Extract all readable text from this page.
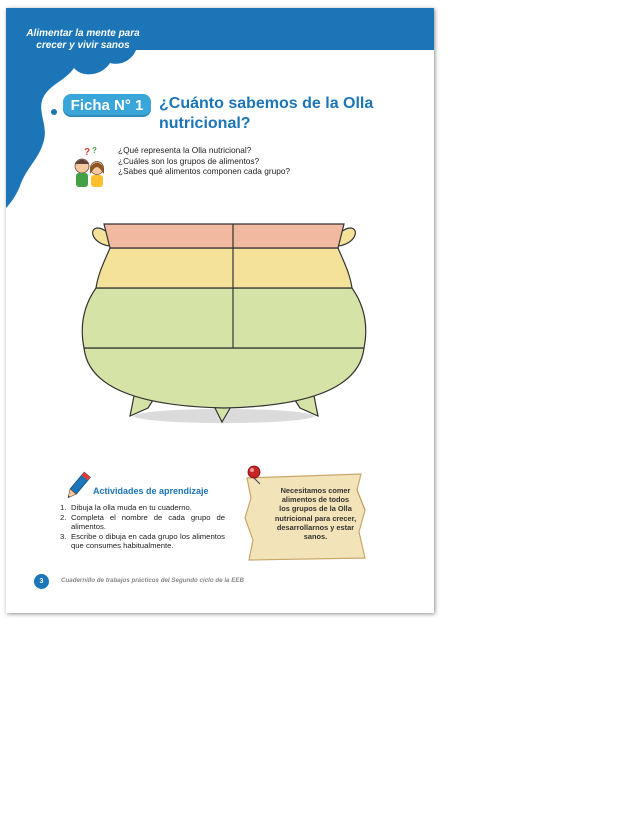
Alimentar la mente para
crecer y vivir sanos
Ficha N° 1 ¿Cuánto sabemos de la Olla
nutricional?
? ?	¿Qué representa la Olla nutricional?
¿Cuáles son los grupos de alimentos?
¿Sabes qué alimentos componen cada grupo?
Actividades de aprendizaje
1. Dibuja la olla muda en tu cuaderno.
2. Completa el nombre de cada grupo de alimentos.
3. Escribe o dibuja en cada grupo los alimentos que consumes habitualmente.
Necesitamos comer
alimentos de todos
los grupos de la Olla
nutricional para crecer,
desarrollarnos y estar
sanos.
3	Cuadernillo de trabajos prácticos del Segundo ciclo de la EEB
